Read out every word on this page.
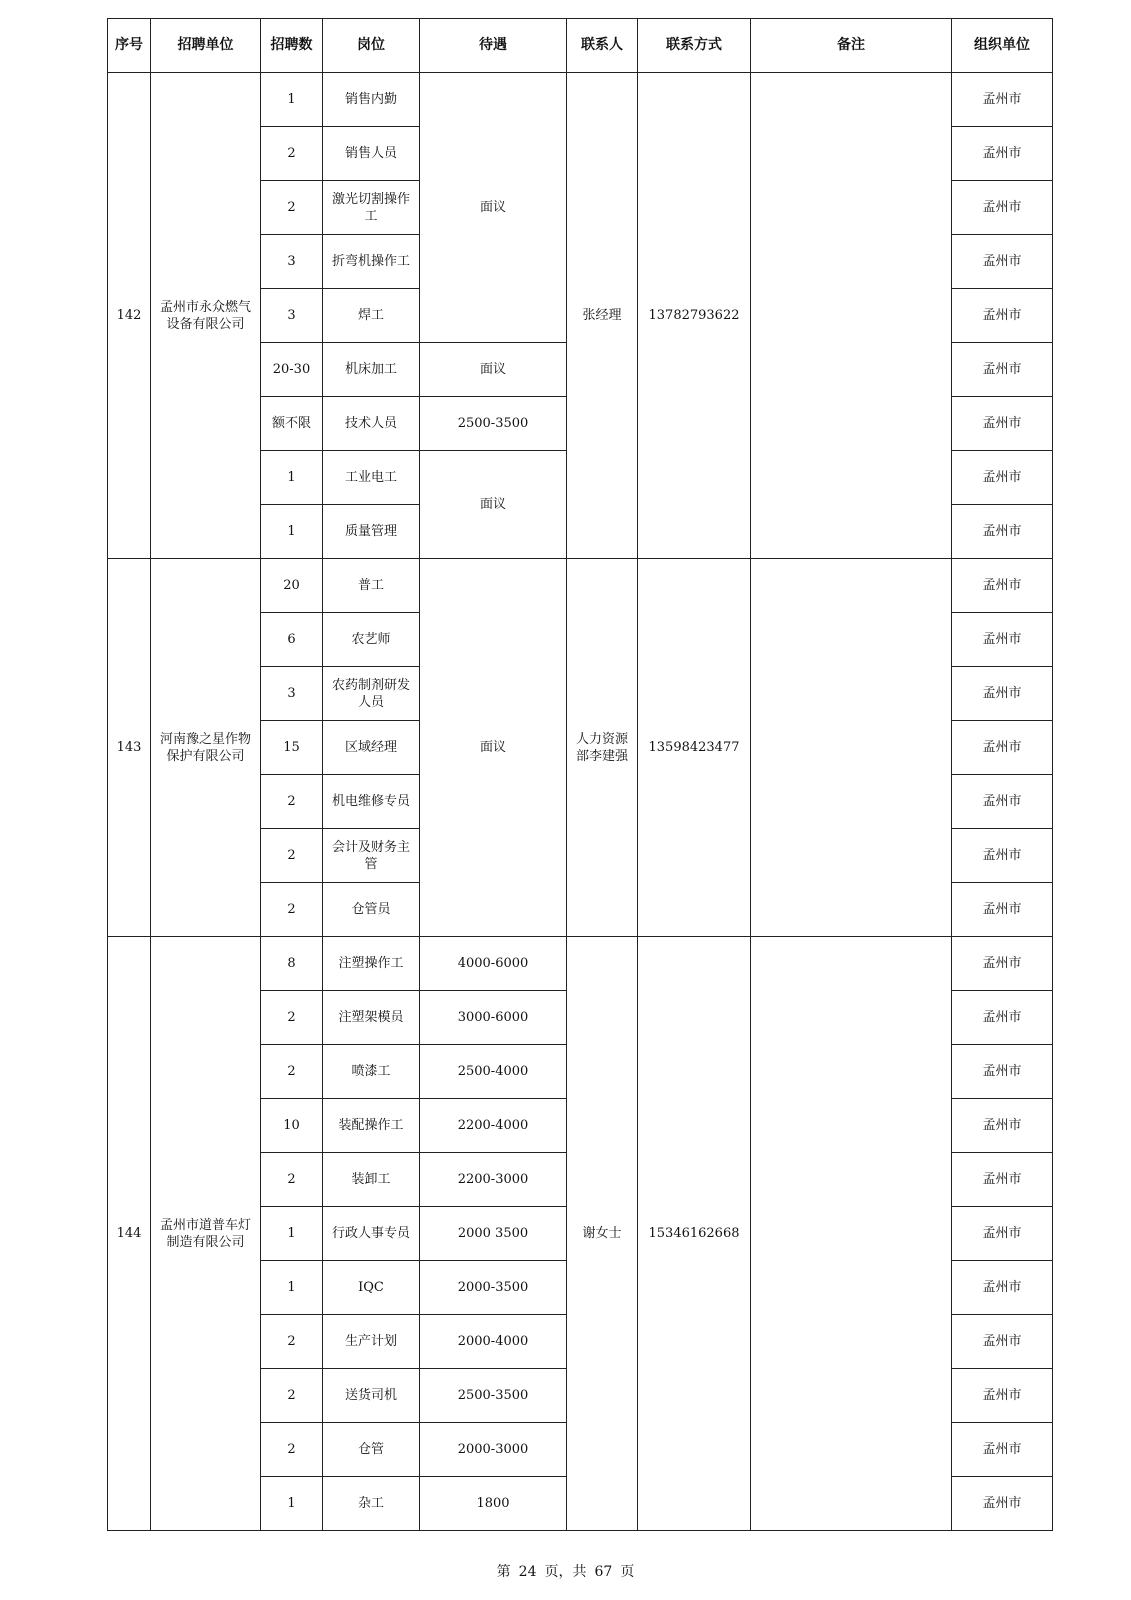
序号	招聘单位	招聘数	岗位	待遇	联系人	联系方式	备注	组织单位
142	孟州市永众燃气设备有限公司	1	销售内勤	面议	张经理	13782793622		孟州市
		2	销售人员					孟州市
		2	激光切割操作工					孟州市
		3	折弯机操作工					孟州市
		3	焊工					孟州市
		20-30	机床加工	面议				孟州市
		额不限	技术人员	2500-3500				孟州市
		1	工业电工	面议				孟州市
		1	质量管理					孟州市
143	河南豫之星作物保护有限公司	20	普工	面议	人力资源部李建强	13598423477		孟州市
		6	农艺师					孟州市
		3	农药制剂研发人员					孟州市
		15	区域经理					孟州市
		2	机电维修专员					孟州市
		2	会计及财务主管					孟州市
		2	仓管员					孟州市
144	孟州市道普车灯制造有限公司	8	注塑操作工	4000-6000	谢女士	15346162668		孟州市
		2	注塑架模员	3000-6000				孟州市
		2	喷漆工	2500-4000				孟州市
		10	装配操作工	2200-4000				孟州市
		2	装卸工	2200-3000				孟州市
		1	行政人事专员	2000 3500				孟州市
		1	IQC	2000-3500				孟州市
		2	生产计划	2000-4000				孟州市
		2	送货司机	2500-3500				孟州市
		2	仓管	2000-3000				孟州市
		1	杂工	1800				孟州市
第 24 页，共 67 页
